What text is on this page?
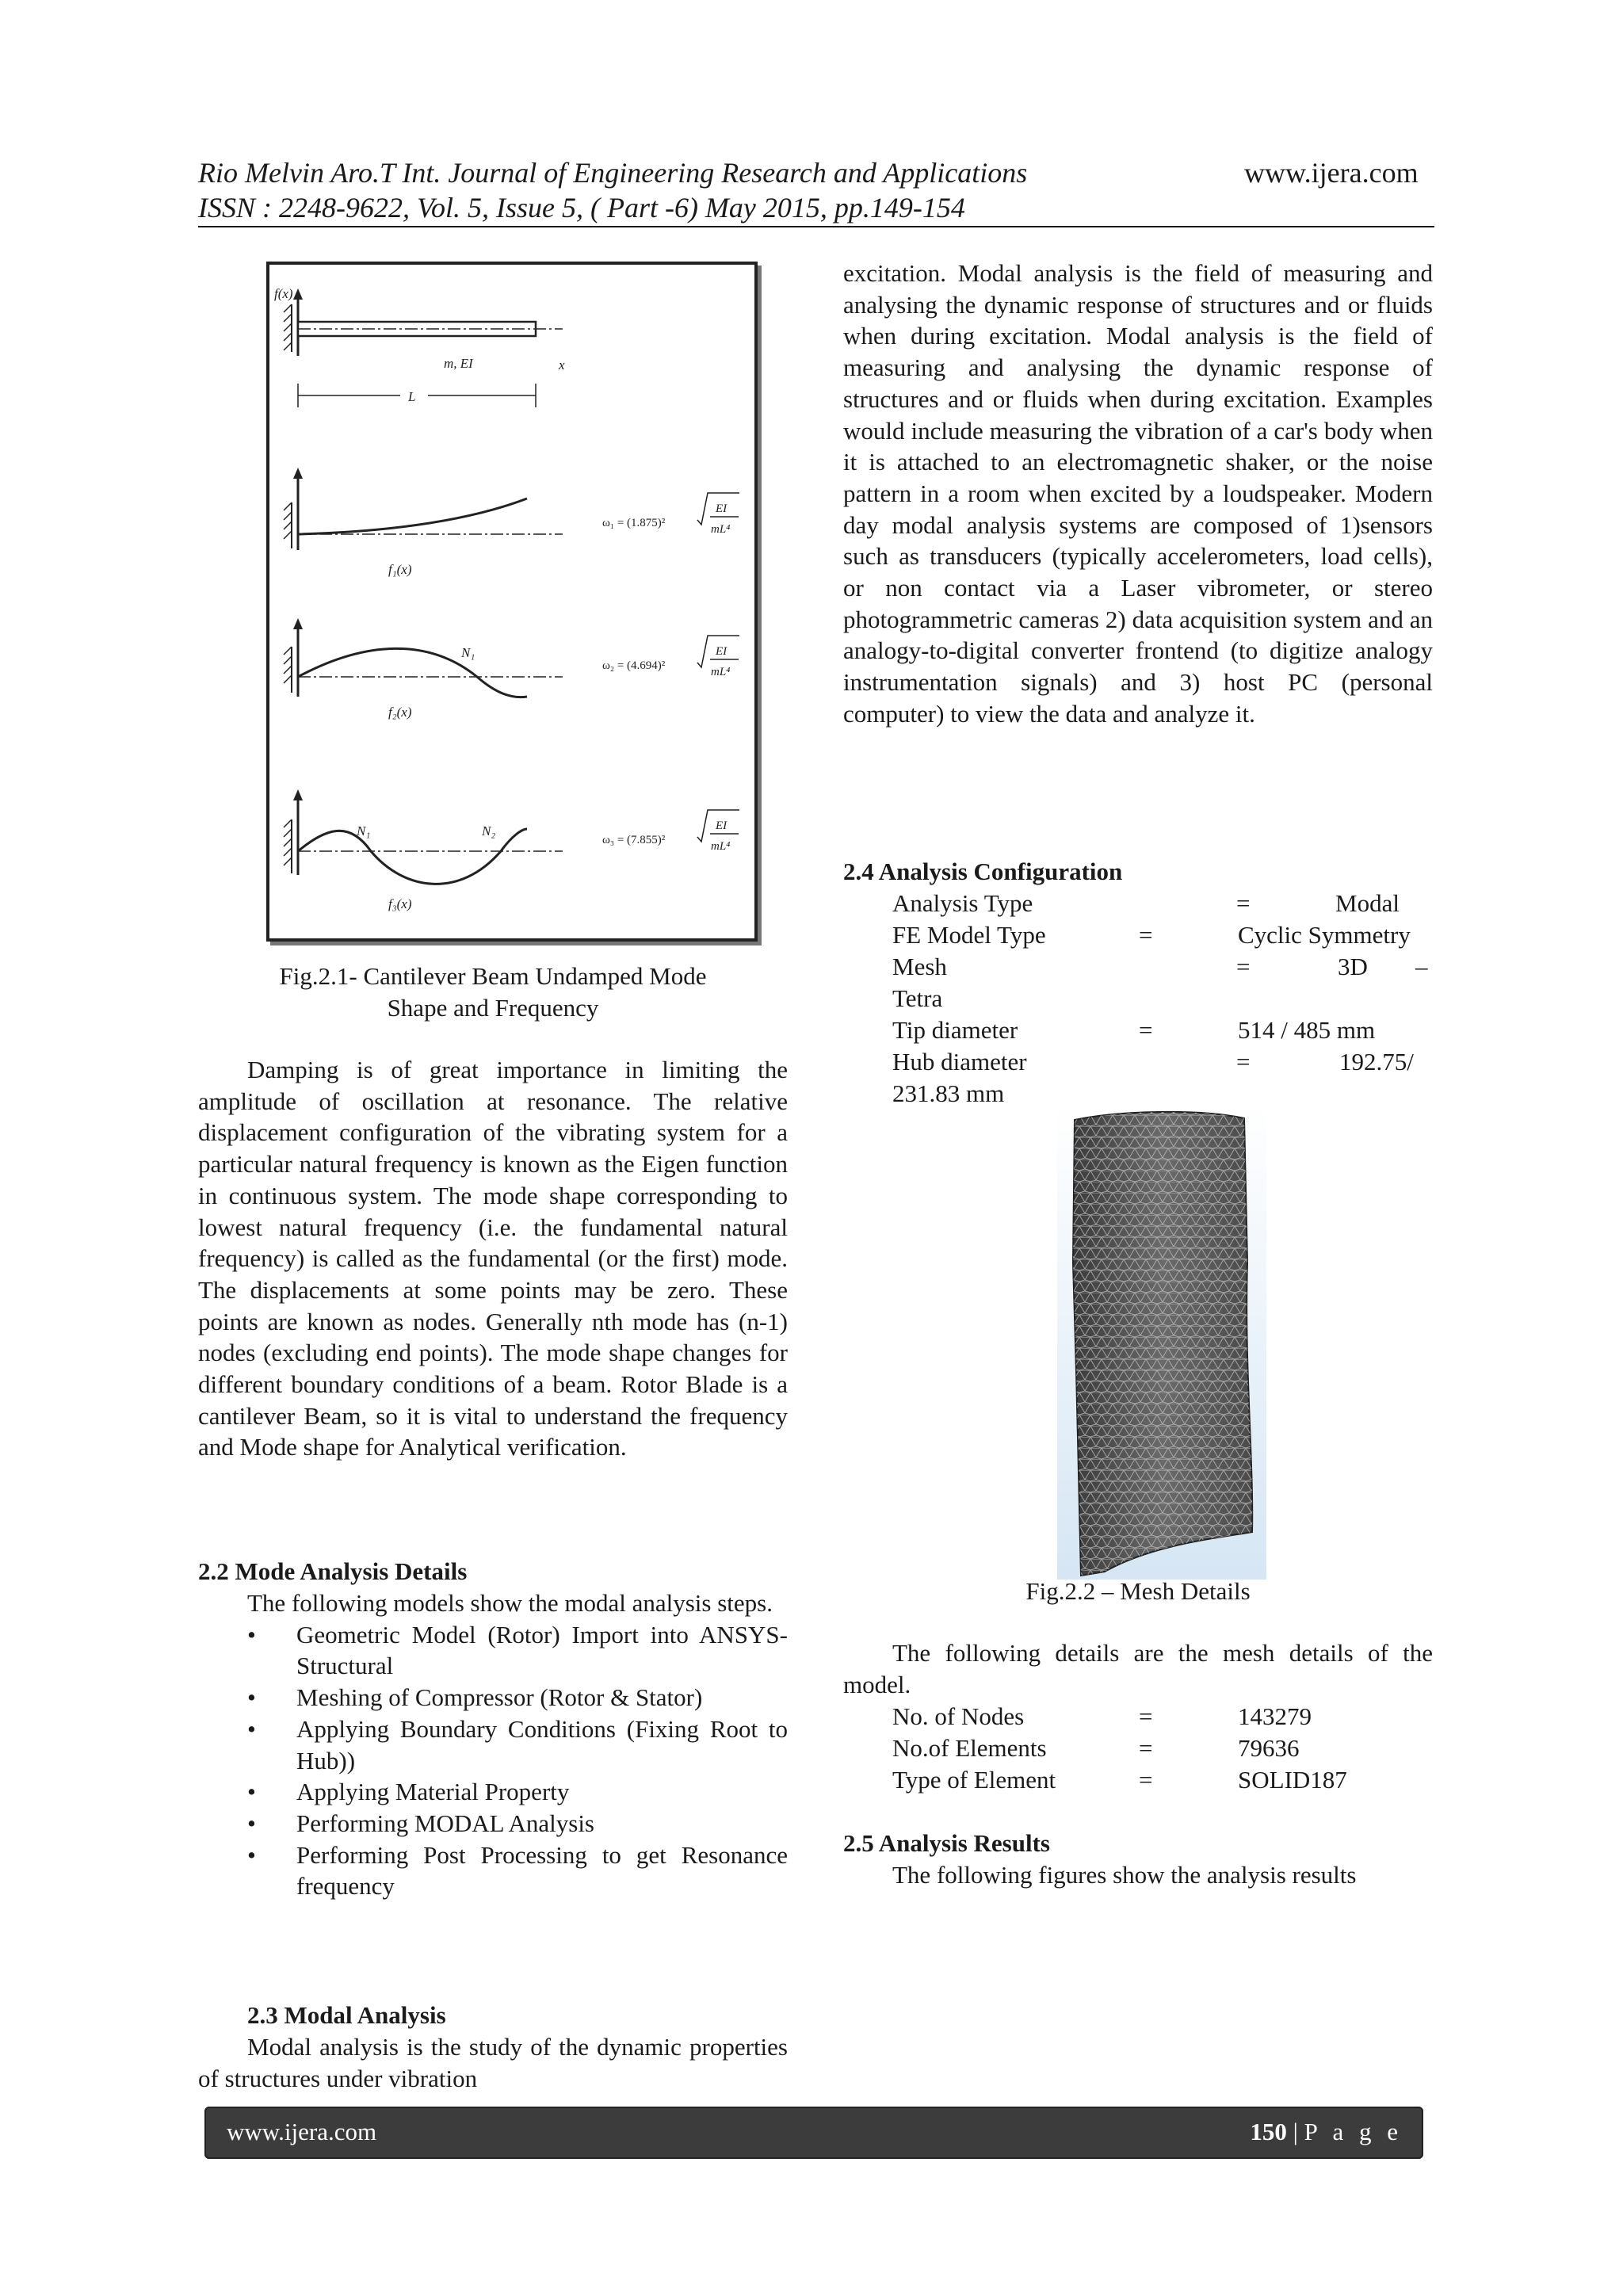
Rio Melvin Aro.T Int. Journal of Engineering Research and Applications	www.ijera.com
ISSN : 2248-9622, Vol. 5, Issue 5, ( Part -6) May 2015, pp.149-154
f(x)
x
m, EI
L
f₁(x)
ω₁ = (1.875)²
EI
mL⁴
N₁
f₂(x)
ω₂ = (4.694)²
EI
mL⁴
N₁	N₂
f₃(x)
ω₃ = (7.855)²
EI
mL⁴
Fig.2.1- Cantilever Beam Undamped Mode
Shape and Frequency

Damping is of great importance in limiting the amplitude of oscillation at resonance. The relative displacement configuration of the vibrating system for a particular natural frequency is known as the Eigen function in continuous system. The mode shape corresponding to lowest natural frequency (i.e. the fundamental natural frequency) is called as the fundamental (or the first) mode. The displacements at some points may be zero. These points are known as nodes. Generally nth mode has (n-1) nodes (excluding end points). The mode shape changes for different boundary conditions of a beam. Rotor Blade is a cantilever Beam, so it is vital to understand the frequency and Mode shape for Analytical verification.

2.2 Mode Analysis Details

The following models show the modal analysis steps.

• Geometric Model (Rotor) Import into ANSYS-Structural
• Meshing of Compressor (Rotor & Stator)
• Applying Boundary Conditions (Fixing Root to Hub))
• Applying Material Property
• Performing MODAL Analysis
• Performing Post Processing to get Resonance frequency
2.3 Modal Analysis

Modal analysis is the study of the dynamic properties of structures under vibration

excitation. Modal analysis is the field of measuring and analysing the dynamic response of structures and or fluids when during excitation. Modal analysis is the field of measuring and analysing the dynamic response of structures and or fluids when during excitation. Examples would include measuring the vibration of a car's body when it is attached to an electromagnetic shaker, or the noise pattern in a room when excited by a loudspeaker. Modern day modal analysis systems are composed of 1)sensors such as transducers (typically accelerometers, load cells), or non contact via a Laser vibrometer, or stereo photogrammetric cameras 2) data acquisition system and an analogy-to-digital converter frontend (to digitize analogy instrumentation signals) and 3) host PC (personal computer) to view the data and analyze it.

2.4 Analysis Configuration
Analysis Type	=	Modal
FE Model Type	=	Cyclic Symmetry
Mesh	=	3D –
Tetra
Tip diameter	=	514 / 485 mm
Hub diameter	=	192.75/
231.83 mm
Fig.2.2 – Mesh Details

The following details are the mesh details of the model.

No. of Nodes	=	143279
No.of Elements	=	79636
Type of Element	=	SOLID187
2.5 Analysis Results
The following figures show the analysis results
www.ijera.com	150 | P a g e
